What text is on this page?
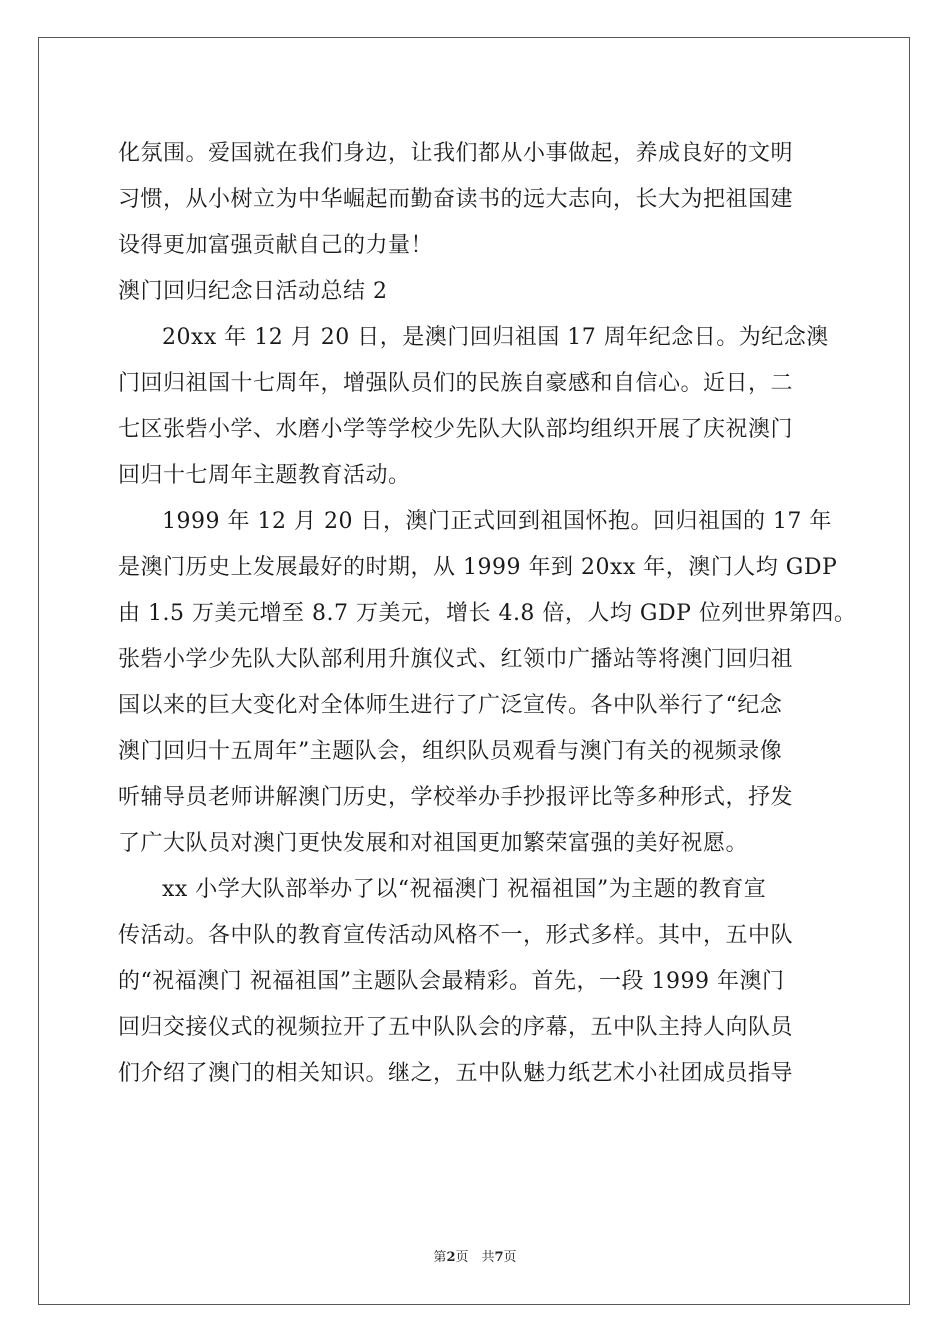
化氛围。爱国就在我们身边，让我们都从小事做起，养成良好的文明
习惯，从小树立为中华崛起而勤奋读书的远大志向，长大为把祖国建
设得更加富强贡献自己的力量！
澳门回归纪念日活动总结 2
20xx 年 12 月 20 日，是澳门回归祖国 17 周年纪念日。为纪念澳
门回归祖国十七周年，增强队员们的民族自豪感和自信心。近日，二
七区张砦小学、水磨小学等学校少先队大队部均组织开展了庆祝澳门
回归十七周年主题教育活动。
1999 年 12 月 20 日，澳门正式回到祖国怀抱。回归祖国的 17 年
是澳门历史上发展最好的时期，从 1999 年到 20xx 年，澳门人均 GDP
由 1.5 万美元增至 8.7 万美元，增长 4.8 倍，人均 GDP 位列世界第四。
张砦小学少先队大队部利用升旗仪式、红领巾广播站等将澳门回归祖
国以来的巨大变化对全体师生进行了广泛宣传。各中队举行了“纪念
澳门回归十五周年”主题队会，组织队员观看与澳门有关的视频录像
听辅导员老师讲解澳门历史，学校举办手抄报评比等多种形式，抒发
了广大队员对澳门更快发展和对祖国更加繁荣富强的美好祝愿。
xx 小学大队部举办了以“祝福澳门 祝福祖国”为主题的教育宣
传活动。各中队的教育宣传活动风格不一，形式多样。其中，五中队
的“祝福澳门 祝福祖国”主题队会最精彩。首先，一段 1999 年澳门
回归交接仪式的视频拉开了五中队队会的序幕，五中队主持人向队员
们介绍了澳门的相关知识。继之，五中队魅力纸艺术小社团成员指导
第2页　共7页
